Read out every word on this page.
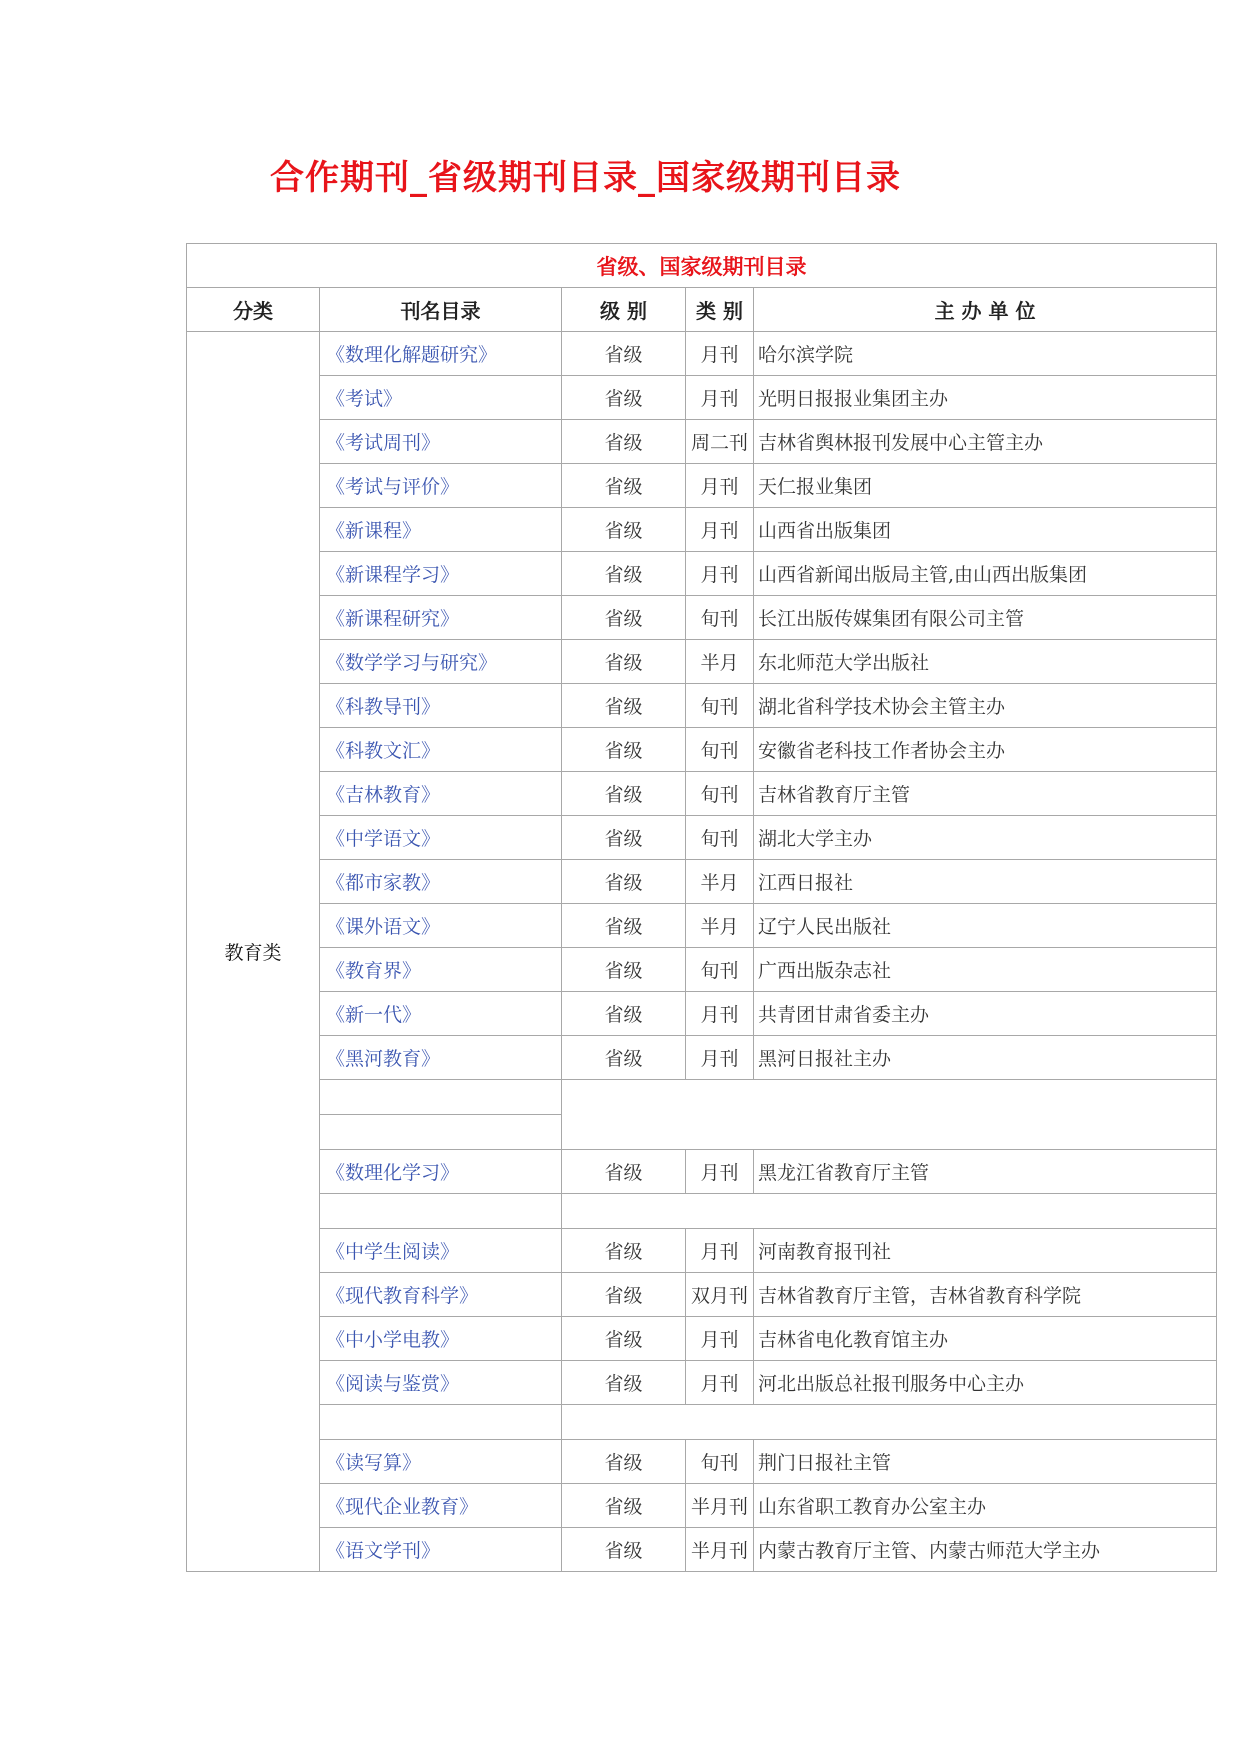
合作期刊_省级期刊目录_国家级期刊目录
省级、国家级期刊目录				
分类	刊名目录	级 别	类 别	主 办 单 位
教育类	《数理化解题研究》	省级	月刊	哈尔滨学院
	《考试》	省级	月刊	光明日报报业集团主办
	《考试周刊》	省级	周二刊	吉林省舆林报刊发展中心主管主办
	《考试与评价》	省级	月刊	天仁报业集团
	《新课程》	省级	月刊	山西省出版集团
	《新课程学习》	省级	月刊	山西省新闻出版局主管,由山西出版集团
	《新课程研究》	省级	旬刊	长江出版传媒集团有限公司主管
	《数学学习与研究》	省级	半月	东北师范大学出版社
	《科教导刊》	省级	旬刊	湖北省科学技术协会主管主办
	《科教文汇》	省级	旬刊	安徽省老科技工作者协会主办
	《吉林教育》	省级	旬刊	吉林省教育厅主管
	《中学语文》	省级	旬刊	湖北大学主办
	《都市家教》	省级	半月	江西日报社
	《课外语文》	省级	半月	辽宁人民出版社
	《教育界》	省级	旬刊	广西出版杂志社
	《新一代》	省级	月刊	共青团甘肃省委主办
	《黑河教育》	省级	月刊	黑河日报社主办

	《数理化学习》	省级	月刊	黑龙江省教育厅主管

	《中学生阅读》	省级	月刊	河南教育报刊社
	《现代教育科学》	省级	双月刊	吉林省教育厅主管，吉林省教育科学院
	《中小学电教》	省级	月刊	吉林省电化教育馆主办
	《阅读与鉴赏》	省级	月刊	河北出版总社报刊服务中心主办

	《读写算》	省级	旬刊	荆门日报社主管
	《现代企业教育》	省级	半月刊	山东省职工教育办公室主办
	《语文学刊》	省级	半月刊	内蒙古教育厅主管、内蒙古师范大学主办
